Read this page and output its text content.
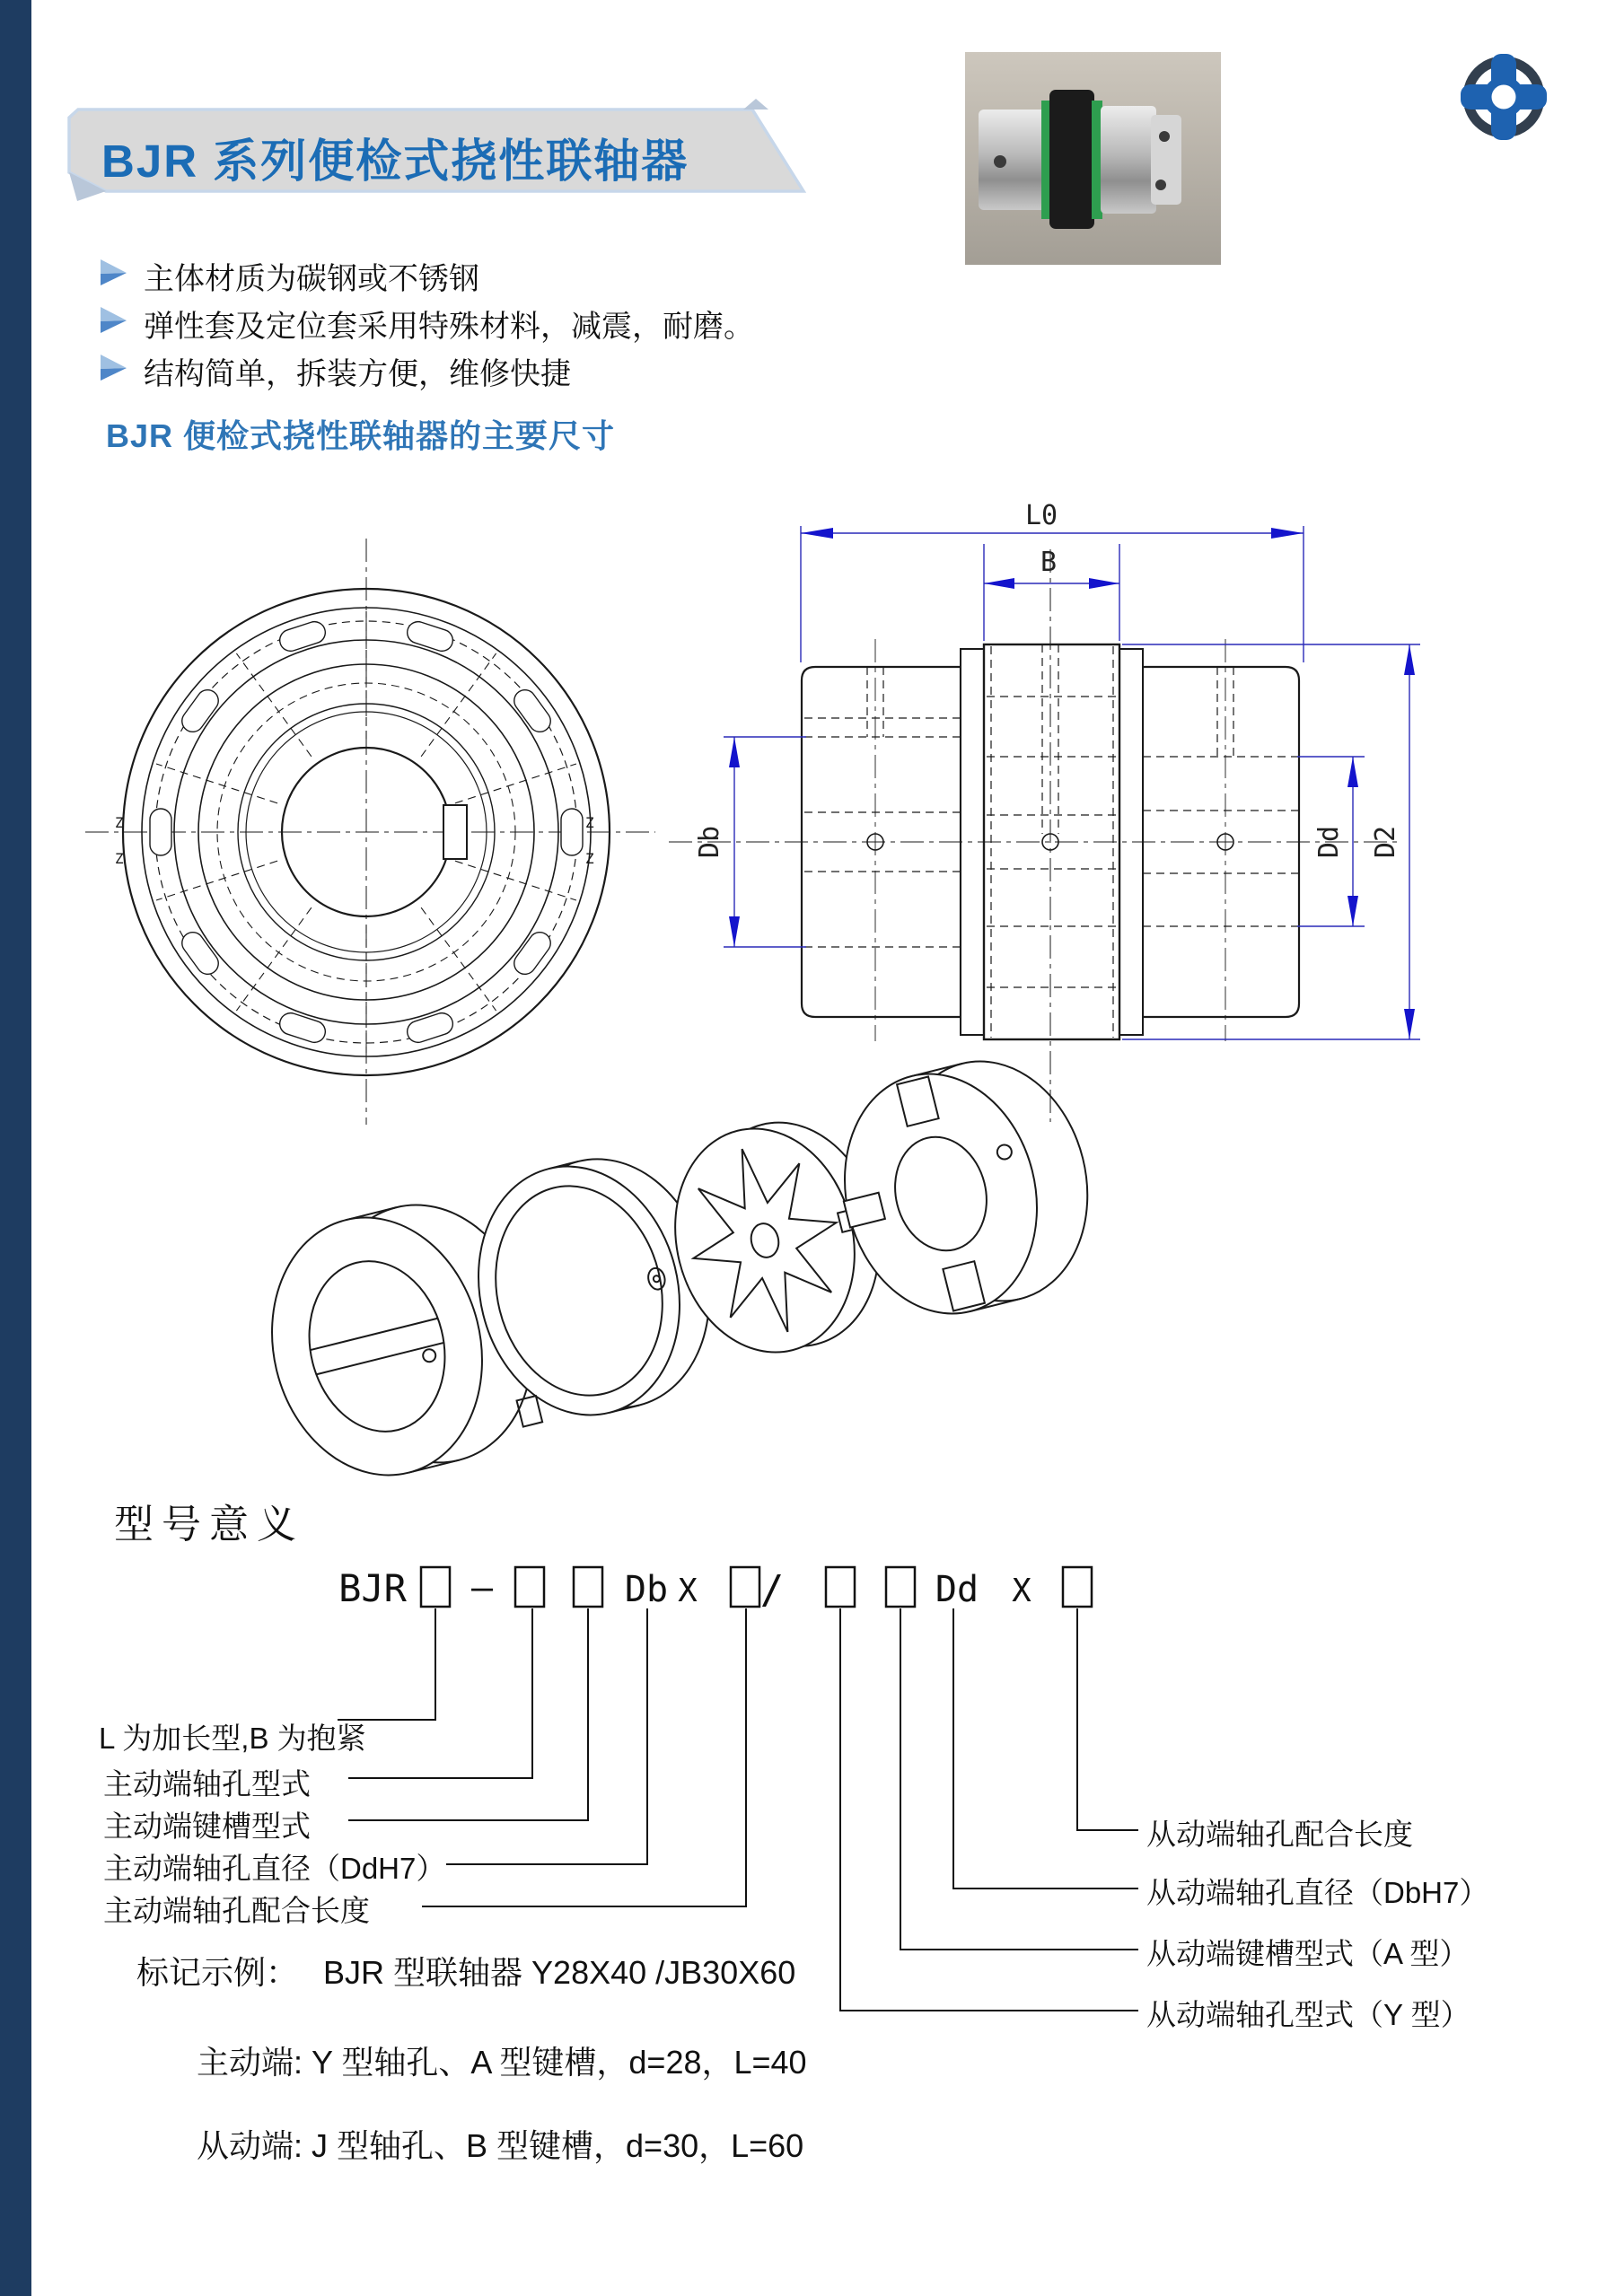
Z
Z
Z
Z
L0
B
Db	Dd D2
BJR –	Db X /	Dd X
BJR 系列便检式挠性联轴器
主体材质为碳钢或不锈钢
弹性套及定位套采用特殊材料，减震，耐磨。
结构简单，拆装方便，维修快捷
BJR 便检式挠性联轴器的主要尺寸
型号意义
L 为加长型,B 为抱紧
主动端轴孔型式
主动端键槽型式
主动端轴孔直径（DdH7）
主动端轴孔配合长度
从动端轴孔配合长度
从动端轴孔直径（DbH7）
从动端键槽型式（A 型）
从动端轴孔型式（Y 型）
标记示例： BJR 型联轴器 Y28X40 /JB30X60
主动端: Y 型轴孔、A 型键槽，d=28，L=40
从动端: J 型轴孔、B 型键槽，d=30，L=60
